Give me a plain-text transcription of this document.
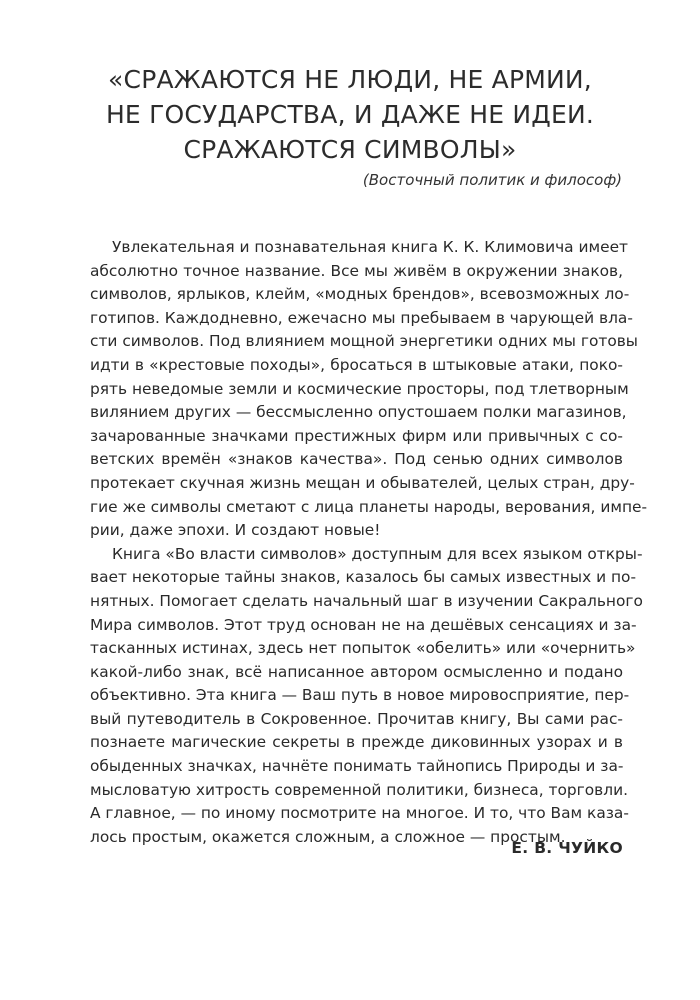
«СРАЖАЮТСЯ НЕ ЛЮДИ, НЕ АРМИИ,
НЕ ГОСУДАРСТВА, И ДАЖЕ НЕ ИДЕИ.
СРАЖАЮТСЯ СИМВОЛЫ»
(Восточный политик и философ)
Увлекательная и познавательная книга К. К. Климовича имеет
абсолютно точное название. Все мы живём в окружении знаков,
символов, ярлыков, клейм, «модных брендов», всевозможных ло-
готипов. Каждодневно, ежечасно мы пребываем в чарующей вла-
сти символов. Под влиянием мощной энергетики одних мы готовы
идти в «крестовые походы», бросаться в штыковые атаки, поко-
рять неведомые земли и космические просторы, под тлетворным
вилянием других — бессмысленно опустошаем полки магазинов,
зачарованные значками престижных фирм или привычных с со-
ветских времён «знаков качества». Под сенью одних символов
протекает скучная жизнь мещан и обывателей, целых стран, дру-
гие же символы сметают с лица планеты народы, верования, импе-
рии, даже эпохи. И создают новые!
Книга «Во власти символов» доступным для всех языком откры-
вает некоторые тайны знаков, казалось бы самых известных и по-
нятных. Помогает сделать начальный шаг в изучении Сакрального
Мира символов. Этот труд основан не на дешёвых сенсациях и за-
тасканных истинах, здесь нет попыток «обелить» или «очернить»
какой-либо знак, всё написанное автором осмысленно и подано
объективно. Эта книга — Ваш путь в новое мировосприятие, пер-
вый путеводитель в Сокровенное. Прочитав книгу, Вы сами рас-
познаете магические секреты в прежде диковинных узорах и в
обыденных значках, начнёте понимать тайнопись Природы и за-
мысловатую хитрость современной политики, бизнеса, торговли.
А главное, — по иному посмотрите на многое. И то, что Вам каза-
лось простым, окажется сложным, а сложное — простым.
Е. В. ЧУЙКО
